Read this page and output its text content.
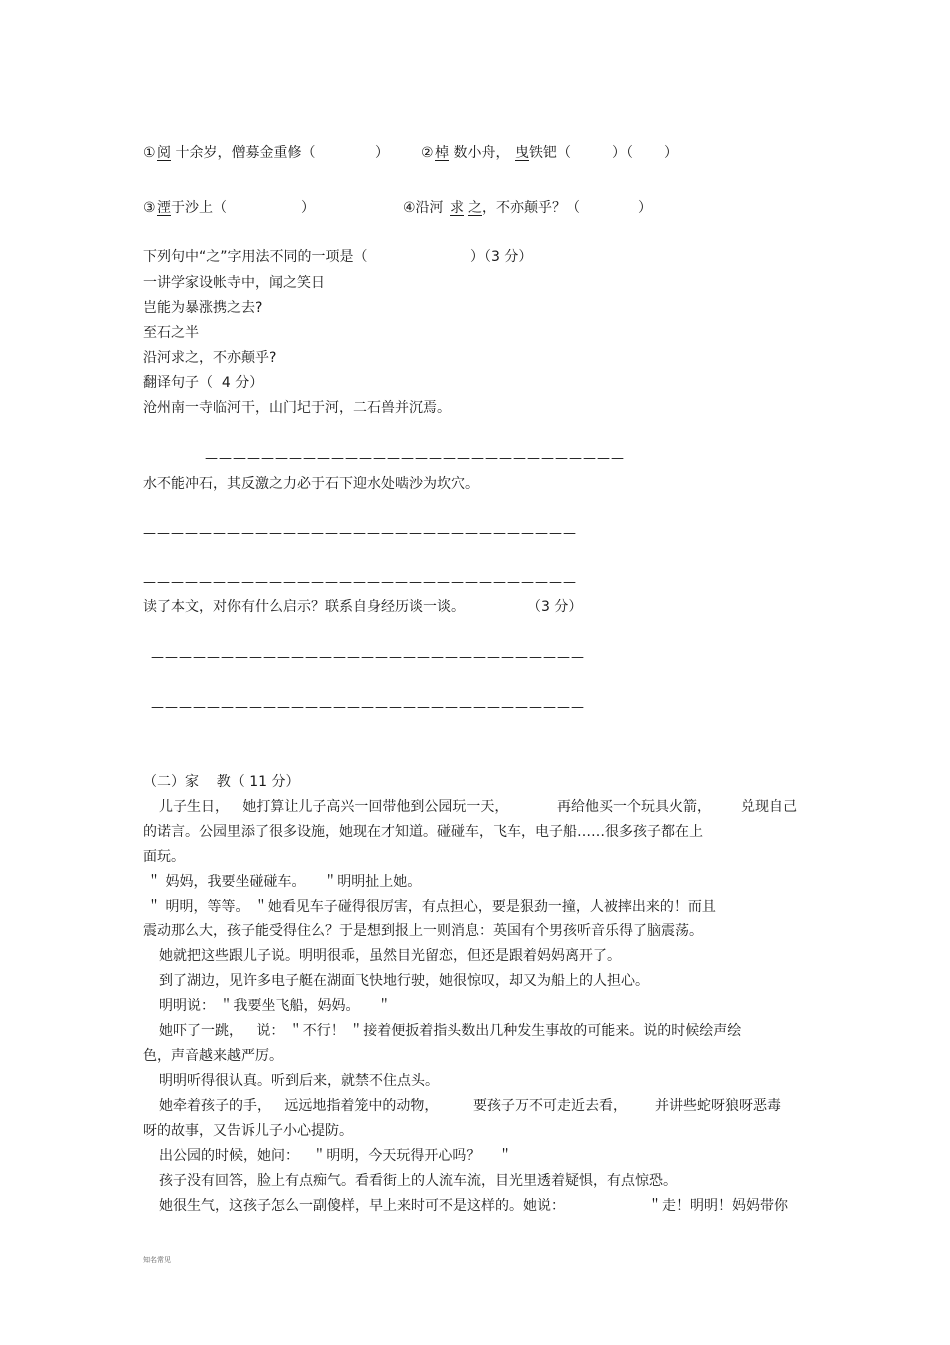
① 阅 十余岁，僧募金重修（	） ② 棹 数小舟， 曳 铁钯（	）（ ）
③ 湮 于沙上（	）	④沿河 求 之 ，不亦颠乎？（	）
下列句中“之”字用法不同的一项是（	）（3 分）
一讲学家设帐寺中，闻之笑日
岂能为暴涨携之去?
至石之半
沿河求之，不亦颠乎?
翻译句子（  4 分）
沧州南一寺临河干，山门圮于河，二石兽并沉焉。
——————————————————————————————
水不能冲石，其反激之力必于石下迎水处啮沙为坎穴。
———————————————————————————————
———————————————————————————————
读了本文，对你有什么启示？联系自身经历谈一谈。	（3 分）
———————————————————————————————
———————————————————————————————
（二）家    教（ 11 分）
儿子生日，   她打算让儿子高兴一回带他到公园玩一天，	再给他买一个玩具火箭， 兑现自己
的诺言。公园里添了很多设施，她现在才知道。碰碰车，飞车，电子船……很多孩子都在上
面玩。
＂ 妈妈，我要坐碰碰车。    ＂明明扯上她。
＂ 明明，等等。 ＂她看见车子碰得很厉害，有点担心，要是狠劲一撞，人被摔出来的！而且
震动那么大，孩子能受得住么？于是想到报上一则消息：英国有个男孩听音乐得了脑震荡。
她就把这些跟儿子说。明明很乖，虽然目光留恋，但还是跟着妈妈离开了。
到了湖边，见许多电子艇在湖面飞快地行驶，她很惊叹，却又为船上的人担心。
明明说： ＂我要坐飞船，妈妈。    ＂
她吓了一跳，   说： ＂不行！ ＂接着便扳着指头数出几种发生事故的可能来。说的时候绘声绘
色，声音越来越严厉。
明明听得很认真。听到后来，就禁不住点头。
她牵着孩子的手，   远远地指着笼中的动物， 要孩子万不可走近去看， 并讲些蛇呀狼呀恶毒
呀的故事，又告诉儿子小心提防。
出公园的时候，她问：   ＂明明，今天玩得开心吗？    ＂
孩子没有回答，脸上有点痴气。看看街上的人流车流，目光里透着疑惧，有点惊恐。
她很生气，这孩子怎么一副傻样，早上来时可不是这样的。她说：	＂走！明明！妈妈带你
知名常见
